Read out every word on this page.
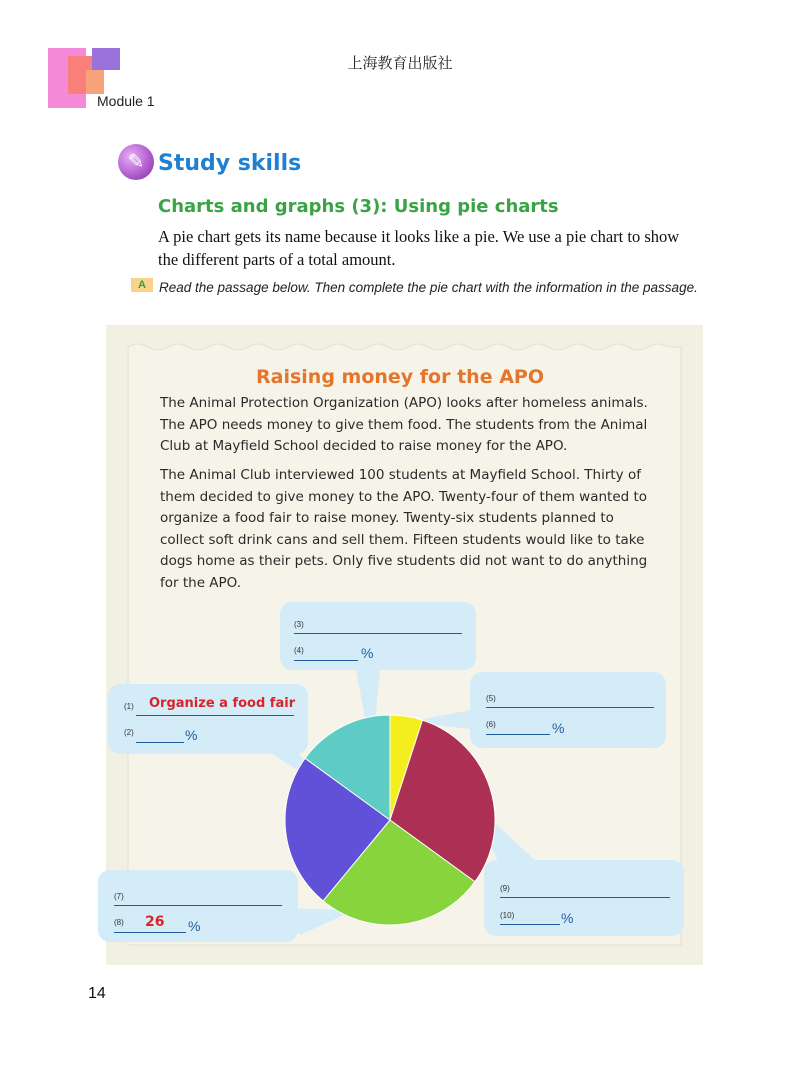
上海教育出版社
Module 1
✎ Study skills
Charts and graphs (3): Using pie charts
A pie chart gets its name because it looks like a pie. We use a pie chart to show the different parts of a total amount.
A Read the passage below. Then complete the pie chart with the information in the passage.
Raising money for the APO
The Animal Protection Organization (APO) looks after homeless animals. The APO needs money to give them food. The students from the Animal Club at Mayfield School decided to raise money for the APO.
The Animal Club interviewed 100 students at Mayfield School. Thirty of them decided to give money to the APO. Twenty-four of them wanted to organize a food fair to raise money. Twenty-six students planned to collect soft drink cans and sell them. Fifteen students would like to take dogs home as their pets. Only five students did not want to do anything for the APO.
(1) Organize a food fair
(2)	%
(3)
(4)	%
(5)
(6)	%
(7)
(8) 26 %
(9)
(10)	%
14
